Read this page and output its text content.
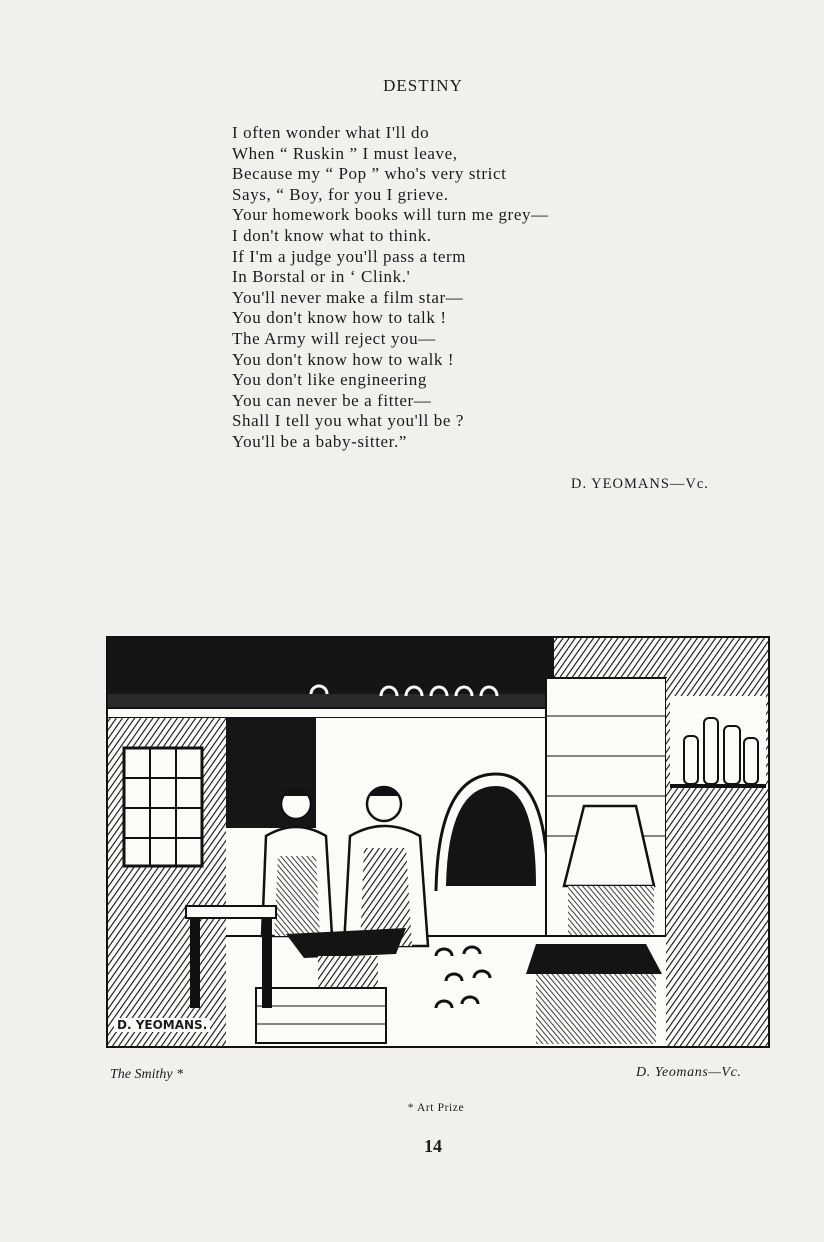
DESTINY
I often wonder what I'll do
When “ Ruskin ” I must leave,
Because my “ Pop ” who's very strict
Says, “ Boy, for you I grieve.
Your homework books will turn me grey—
I don't know what to think.
If I'm a judge you'll pass a term
In Borstal or in ‘ Clink.'
You'll never make a film star—
You don't know how to talk !
The Army will reject you—
You don't know how to walk !
You don't like engineering
You can never be a fitter—
Shall I tell you what you'll be ?
You'll be a baby-sitter.”
D. YEOMANS—Vc.
D. YEOMANS.
The Smithy *	D. Yeomans—Vc.
* Art Prize
14
